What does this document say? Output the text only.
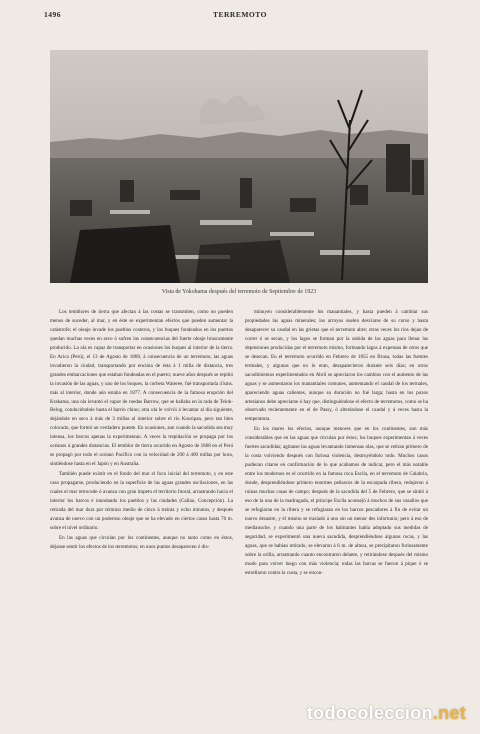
1496	TERREMOTO
Vista de Yokohama después del terremoto de Septiembre de 1923

Los temblores de tierra que afectan á las costas se transmiten, como no pueden menos de suceder, al mar, y en éste se experimentan efectos que pueden aumentar la catástrofe; el oleaje invade los pueblos costeros, y los buques fondeados en los puertos quedan muchas veces en seco ó sufren las consecuencias del fuerte oleaje bruscamente producido. La ola es capaz de transportar en ocasiones los buques al interior de la tierra. En Arica (Perú), el 13 de Agosto de 1868, á consecuencia de un terremoto, las aguas invadieron la ciudad, transportando por encima de ésta á 1 milla de distancia, tres grandes embarcaciones que estaban fondeadas en el puerto; nueve años después se repitió la invasión de las aguas, y uno de los buques, la corbeta Wateree, fué transportada 4 kms. más al interior, donde aún estaba en 1877. A consecuencia de la famosa erupción del Krakatoa, una ola levantó el vapor de ruedas Barrow, que se hallaba en la rada de Telok-Belog, conduciéndole hasta el barrio chino; otra ola le volvió á levantar al día siguiente, dejándole en seco á más de 3 millas al interior sobre el río Kouripan, pero tan bien colocado, que formó un verdadero puente. En ocasiones, aun cuando la sacudida sea muy intensa, los barcos apenas la experimentan. A veces la trepidación se propaga por los océanos á grandes distancias. El temblor de tierra ocurrido en Agosto de 1868 en el Perú se propagó por todo el océano Pacífico con la velocidad de 200 á 400 millas por hora, sintiéndose hasta en el Japón y en Australia.

También puede existir en el fondo del mar el foco inicial del terremoto, y en este caso propagarse, produciendo en la superficie de las aguas grandes oscilaciones, en las cuales el mar retrocede ó avanza con gran ímpetu el territorio litoral, arrastrando hacia el interior los barcos é inundando los pueblos y las ciudades (Callao, Concepción). La retirada del mar dura por término medio de cinco á treinta y ocho minutos, y después avanza de nuevo con un poderoso oleaje que se ha elevado en ciertos casos hasta 70 m. sobre el nivel ordinario.

En las aguas que circulan por los continentes, aunque no tanto como en éstos, déjanse sentir los efectos de los terremotos; en unos puntos desaparecen ó dis-

minuyen considerablemente los manantiales, y hasta pueden á cambiar sus propiedades las aguas minerales; los arroyos suelen desviarse de su curso y hasta desaparecer su caudal en las grietas que el terremoto abre; otras veces los ríos dejan de correr ó se secan, y los lagos se forman por la subida de las aguas para llenar las depresiones producidas por el terremoto mismo, formando lagos á expensas de otros que se desecan. En el terremoto ocurrido en Febrero de 1855 en Brusa, todas las fuentes termales, y algunas que no lo eran, desaparecieron durante seis días; en otros sacudimientos experimentados en Abril se apreciaron los cambios con el aumento de las aguas y se aumentaron los manantiales comunes, aumentando el caudal de los termales, apareciendo aguas calientes, aunque su duración no fué larga; hasta en los pozos artesianos debe apreciarse ó hay que, distinguiéndose el efecto de terremotos, como se ha observado recientemente en el de Passy, ó alterándose el caudal y á veces hasta la temperatura.

En los mares los efectos, aunque menores que en los continentes, son más considerables que en las aguas que circulan por éstos; los buques experimentan á veces fuertes sacudidas; agitanse las aguas levantando inmensas olas, que se retiran primero de la costa volviendo después con furiosa violencia, destruyéndolo todo. Muchos casos pudieran citarse en confirmación de lo que acabamos de indicar, pero el más notable entre los modernos es el ocurrido en la famosa roca Escila, en el terremoto de Calabria, donde, desprendiéndose primero enormes peñascos de la escarpada ribera, redujeron á ruinas muchas casas de campo; después de la sacudida del 5 de Febrero, que se sintió á eso de la una de la madrugada, el príncipe Escila aconsejó á muchos de sus vasallos que se refugiaran en la ribera y se refugiaran en los barcos pescadores á fin de evitar un nuevo desastre, y él mismo se trasladó á uno sin un menor des infortunio; pero á eso de medianoche, y cuando una parte de los habitantes había adoptado sus medidas de seguridad, se experimentó una nueva sacudida, desprendiéndose algunas rocas, y las aguas, que se habían retirado, se elevaron á 6 m. de altura, se precipitaron furiosamente sobre la orilla, arrastrando cuanto encontraron delante, y retirándose después del mismo modo para volver luego con más violencia; todas las barcas se fueron á pique ó se estrellaron contra la costa, y se encon-

todocoleccion.net
